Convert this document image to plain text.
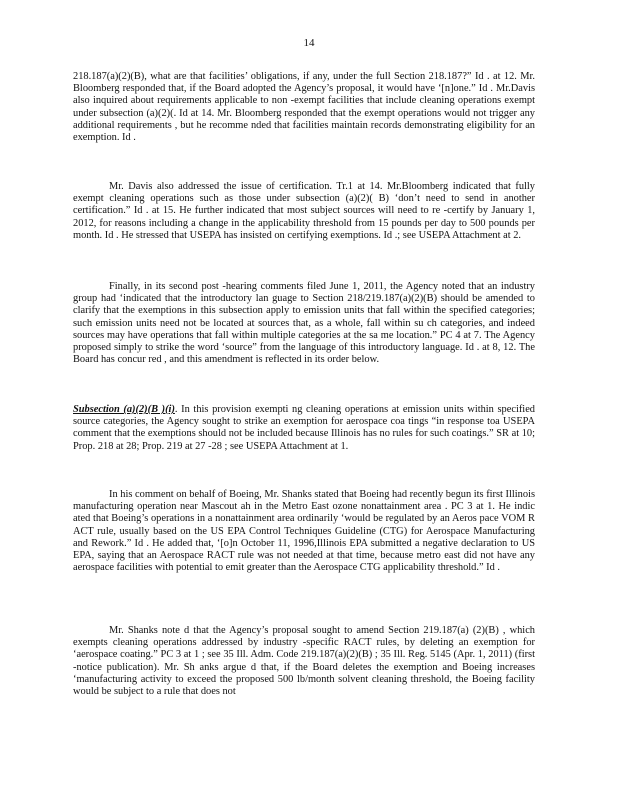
14

218.187(a)(2)(B), what are that facilities’ obligations, if any, under the full Section 218.187?” Id . at 12. Mr. Bloomberg responded that, if the Board adopted the Agency’s proposal, it would have ‘[n]one.” Id . Mr.Davis also inquired about requirements applicable to non -exempt facilities that include cleaning operations exempt under subsection (a)(2)(. Id at 14. Mr. Bloomberg responded that the exempt operations would not trigger any additional requirements , but he recomme nded that facilities maintain records demonstrating eligibility for an exemption. Id .

Mr. Davis also addressed the issue of certification. Tr.1 at 14. Mr.Bloomberg indicated that fully exempt cleaning operations such as those under subsection (a)(2)( B) ‘don’t need to send in another certification.” Id . at 15. He further indicated that most subject sources will need to re -certify by January 1, 2012, for reasons including a change in the applicability threshold from 15 pounds per day to 500 pounds per month. Id . He stressed that USEPA has insisted on certifying exemptions. Id .; see USEPA Attachment at 2.

Finally, in its second post -hearing comments filed June 1, 2011, the Agency noted that an industry group had ‘indicated that the introductory lan guage to Section 218/219.187(a)(2)(B) should be amended to clarify that the exemptions in this subsection apply to emission units that fall within the specified categories; such emission units need not be located at sources that, as a whole, fall within su ch categories, and indeed sources may have operations that fall within multiple categories at the sa me location.” PC 4 at 7. The Agency proposed simply to strike the word ‘source” from the language of this introductory language. Id . at 8, 12. The Board has concur red , and this amendment is reflected in its order below.

Subsection (a)(2)(B )(i). In this provision exempti ng cleaning operations at emission units within specified source categories, the Agency sought to strike an exemption for aerospace coa tings “in response toa USEPA comment that the exemptions should not be included because Illinois has no rules for such coatings.” SR at 10; Prop. 218 at 28; Prop. 219 at 27 -28 ; see USEPA Attachment at 1.

In his comment on behalf of Boeing, Mr. Shanks stated that Boeing had recently begun its first Illinois manufacturing operation near Mascout ah in the Metro East ozone nonattainment area . PC 3 at 1. He indic ated that Boeing’s operations in a nonattainment area ordinarily ‘would be regulated by an Aeros pace VOM R ACT rule, usually based on the US EPA Control Techniques Guideline (CTG) for Aerospace Manufacturing and Rework.” Id . He added that, ‘[o]n October 11, 1996,Illinois EPA submitted a negative declaration to US EPA, saying that an Aerospace RACT rule was not needed at that time, because metro east did not have any aerospace facilities with potential to emit greater than the Aerospace CTG applicability threshold.” Id .

Mr. Shanks note d that the Agency’s proposal sought to amend Section 219.187(a) (2)(B) , which exempts cleaning operations addressed by industry -specific RACT rules, by deleting an exemption for ‘aerospace coating.” PC 3 at 1 ; see 35 Ill. Adm. Code 219.187(a)(2)(B) ; 35 Ill. Reg. 5145 (Apr. 1, 2011) (first -notice publication). Mr. Sh anks argue d that, if the Board deletes the exemption and Boeing increases ‘manufacturing activity to exceed the proposed 500 lb/month solvent cleaning threshold, the Boeing facility would be subject to a rule that does not
